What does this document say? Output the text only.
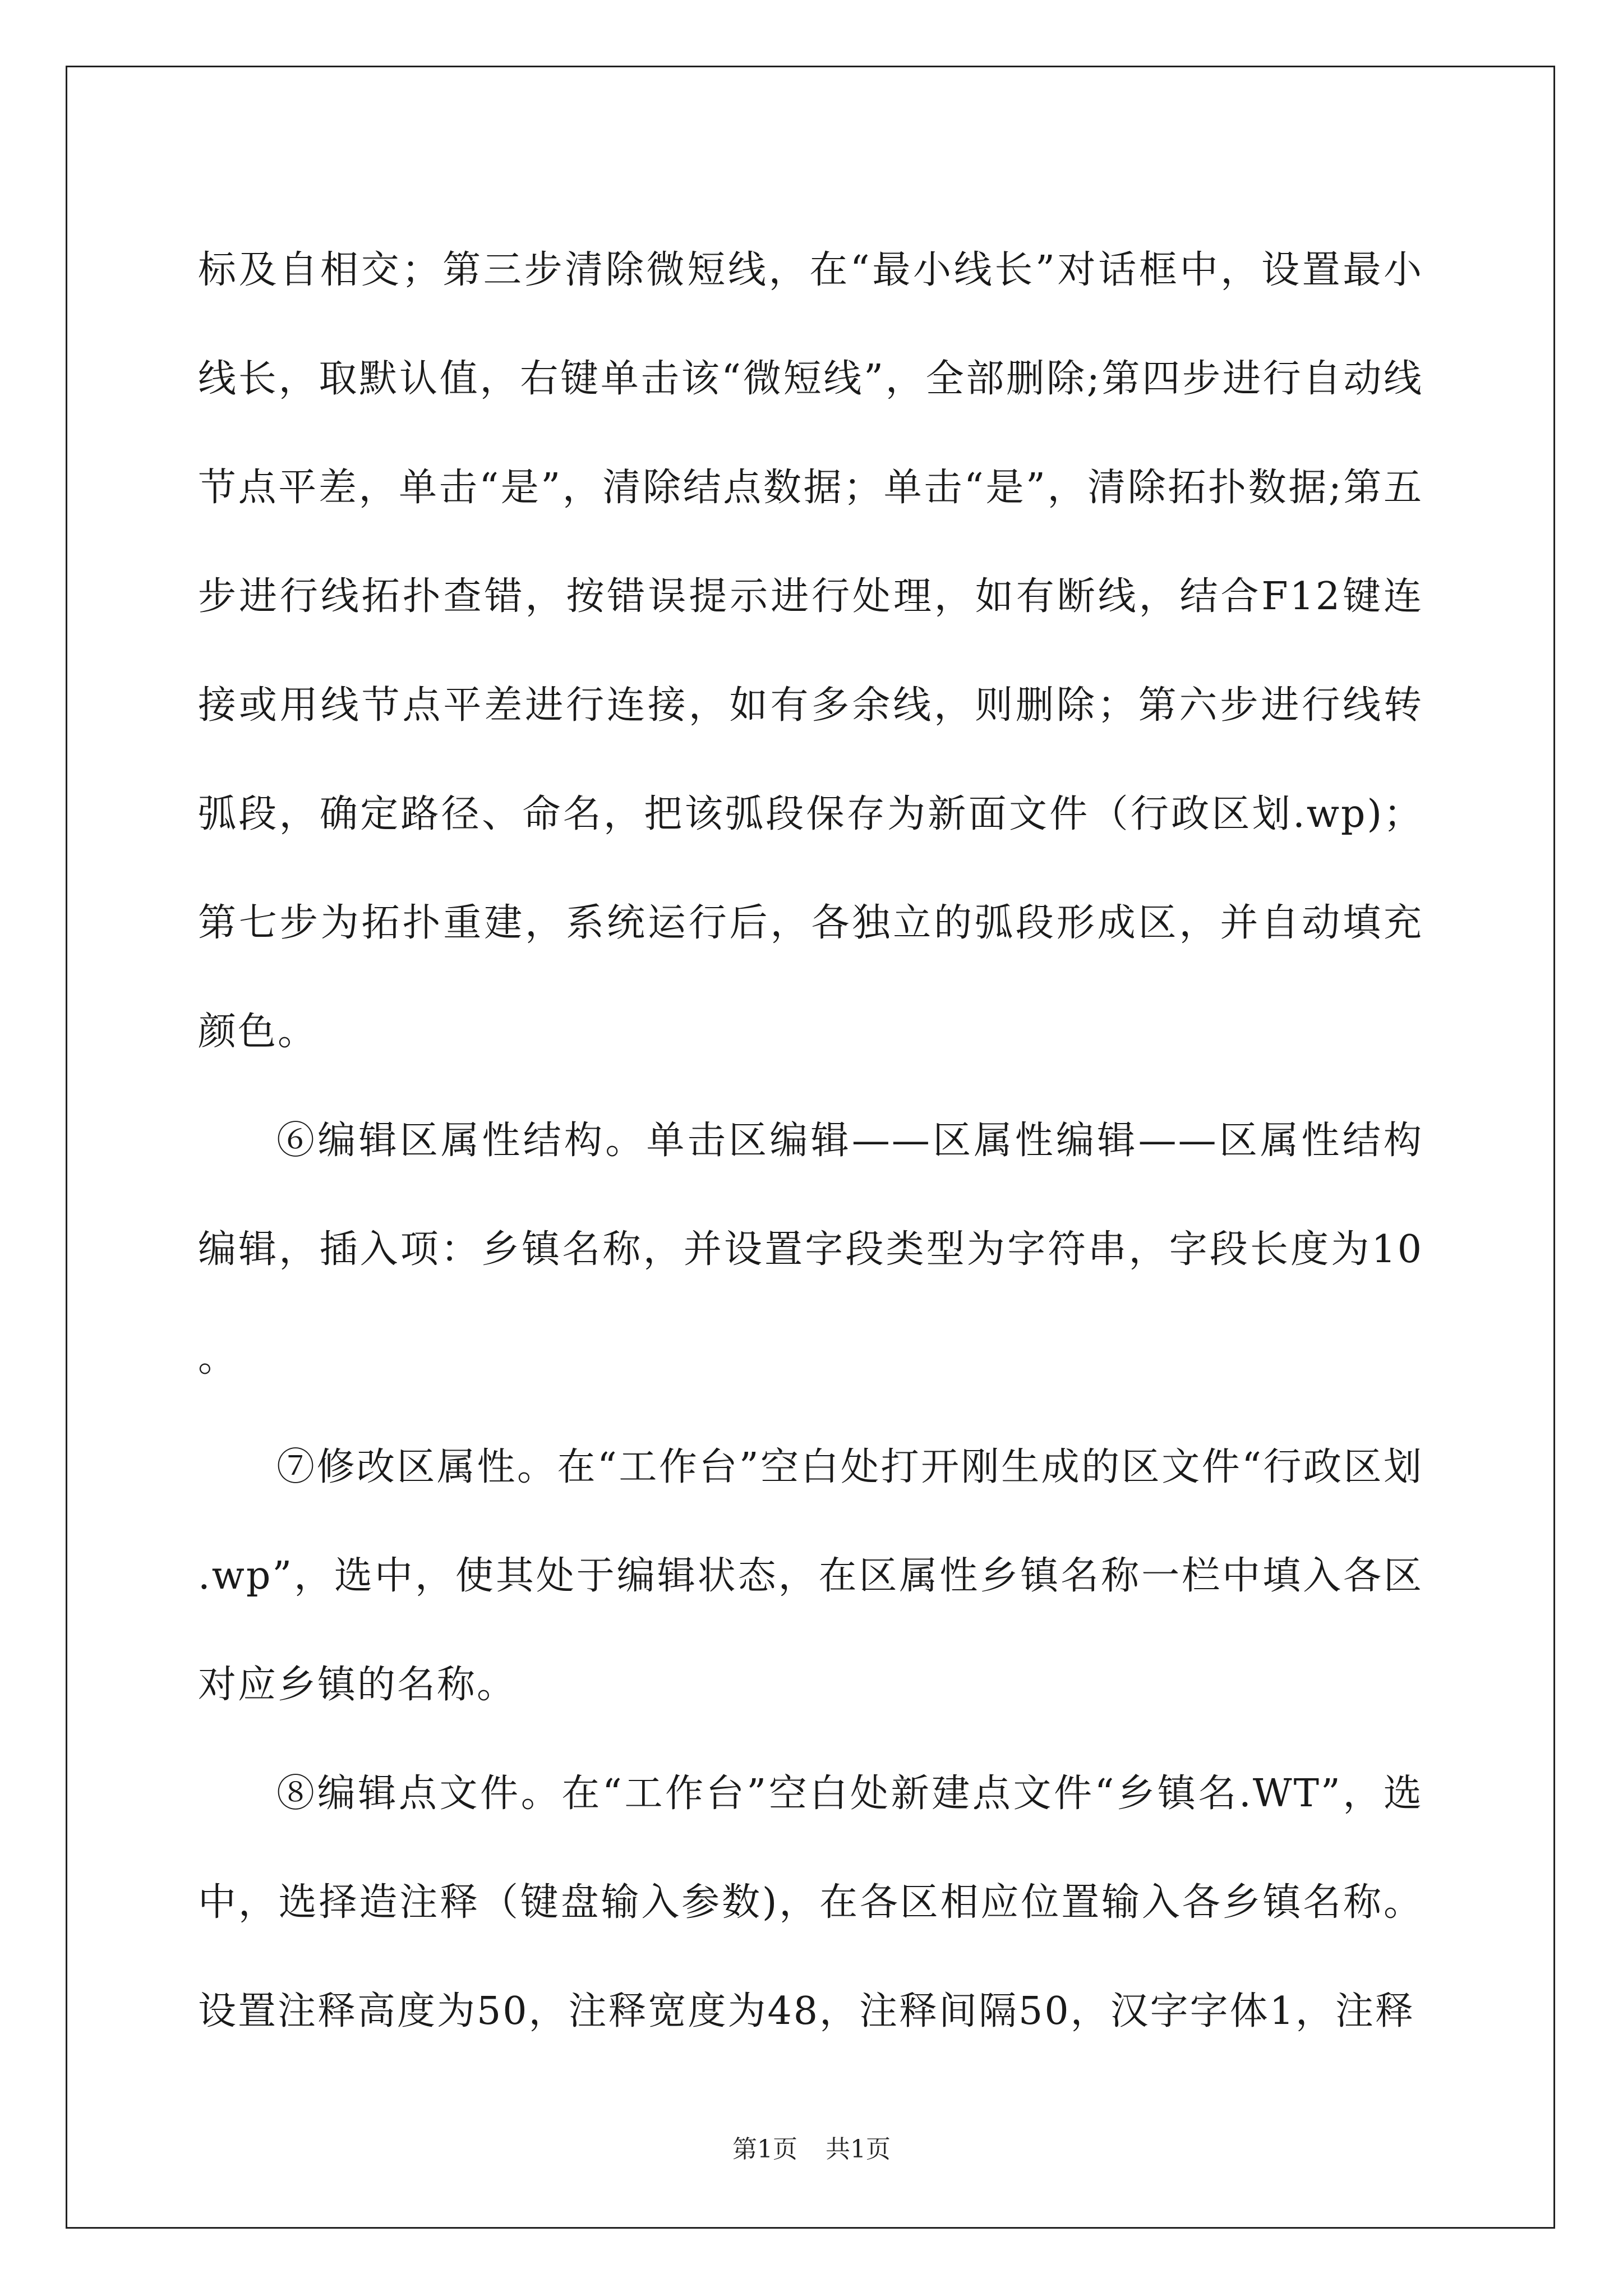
标及自相交；第三步清除微短线，在“最小线长”对话框中，设置最小线长，取默认值，右键单击该“微短线”，全部删除;第四步进行自动线节点平差，单击“是”，清除结点数据；单击“是”，清除拓扑数据;第五步进行线拓扑查错，按错误提示进行处理，如有断线，结合F12键连接或用线节点平差进行连接，如有多余线，则删除；第六步进行线转弧段，确定路径、命名，把该弧段保存为新面文件（行政区划.wp)；第七步为拓扑重建，系统运行后，各独立的弧段形成区，并自动填充颜色。

⑥编辑区属性结构。单击区编辑——区属性编辑——区属性结构编辑，插入项：乡镇名称，并设置字段类型为字符串，字段长度为10。

⑦修改区属性。在“工作台”空白处打开刚生成的区文件“行政区划.wp”，选中，使其处于编辑状态，在区属性乡镇名称一栏中填入各区对应乡镇的名称。

⑧编辑点文件。在“工作台”空白处新建点文件“乡镇名.WT”，选中，选择造注释（键盘输入参数)，在各区相应位置输入各乡镇名称。设置注释高度为50，注释宽度为48，注释间隔50，汉字字体1，注释

第1页 共1页
